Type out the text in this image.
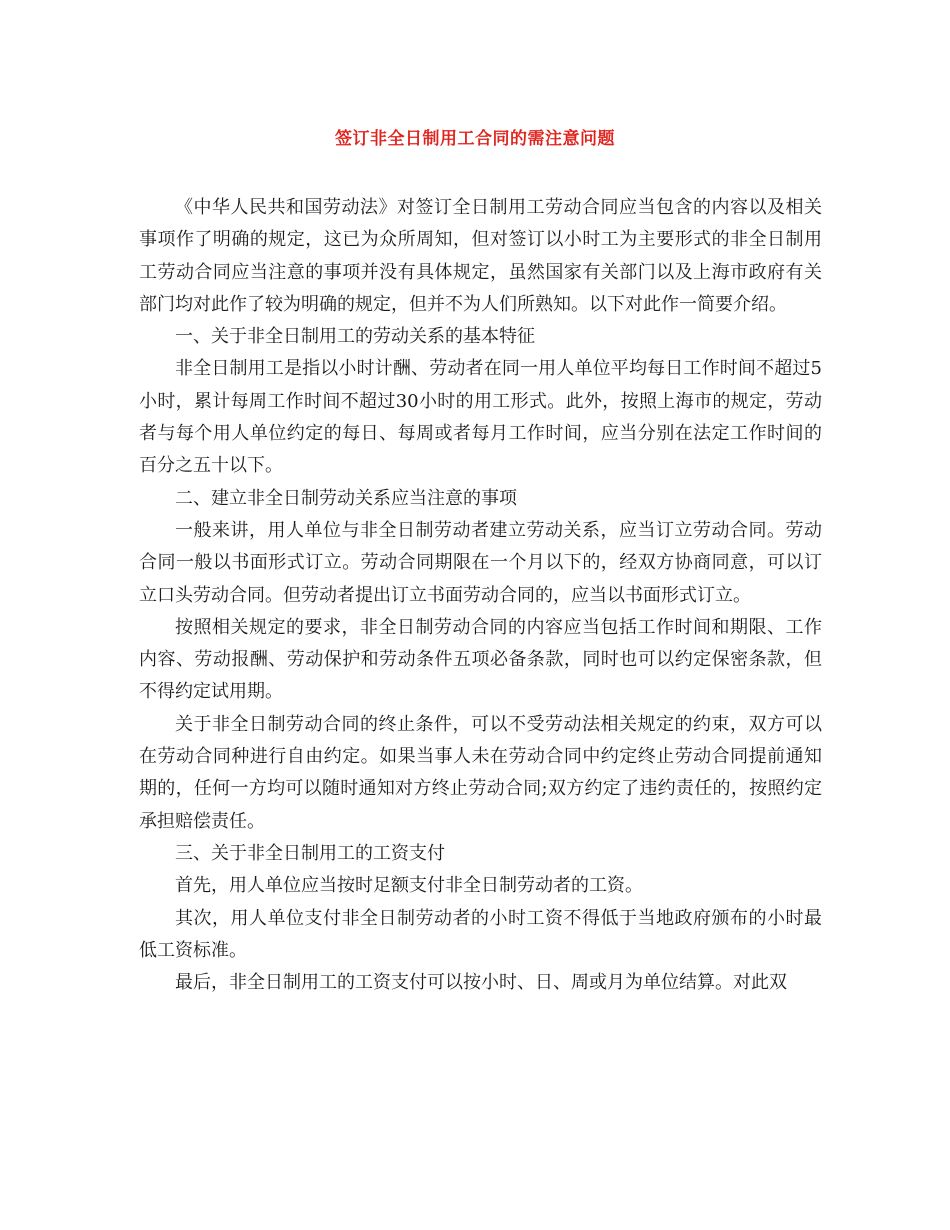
签订非全日制用工合同的需注意问题

《中华人民共和国劳动法》对签订全日制用工劳动合同应当包含的内容以及相关事项作了明确的规定，这已为众所周知，但对签订以小时工为主要形式的非全日制用工劳动合同应当注意的事项并没有具体规定，虽然国家有关部门以及上海市政府有关部门均对此作了较为明确的规定，但并不为人们所熟知。以下对此作一简要介绍。

一、关于非全日制用工的劳动关系的基本特征

非全日制用工是指以小时计酬、劳动者在同一用人单位平均每日工作时间不超过5小时，累计每周工作时间不超过30小时的用工形式。此外，按照上海市的规定，劳动者与每个用人单位约定的每日、每周或者每月工作时间，应当分别在法定工作时间的百分之五十以下。

二、建立非全日制劳动关系应当注意的事项

一般来讲，用人单位与非全日制劳动者建立劳动关系，应当订立劳动合同。劳动合同一般以书面形式订立。劳动合同期限在一个月以下的，经双方协商同意，可以订立口头劳动合同。但劳动者提出订立书面劳动合同的，应当以书面形式订立。

按照相关规定的要求，非全日制劳动合同的内容应当包括工作时间和期限、工作内容、劳动报酬、劳动保护和劳动条件五项必备条款，同时也可以约定保密条款，但不得约定试用期。

关于非全日制劳动合同的终止条件，可以不受劳动法相关规定的约束，双方可以在劳动合同种进行自由约定。如果当事人未在劳动合同中约定终止劳动合同提前通知期的，任何一方均可以随时通知对方终止劳动合同;双方约定了违约责任的，按照约定承担赔偿责任。

三、关于非全日制用工的工资支付

首先，用人单位应当按时足额支付非全日制劳动者的工资。

其次，用人单位支付非全日制劳动者的小时工资不得低于当地政府颁布的小时最低工资标准。

最后，非全日制用工的工资支付可以按小时、日、周或月为单位结算。对此双
